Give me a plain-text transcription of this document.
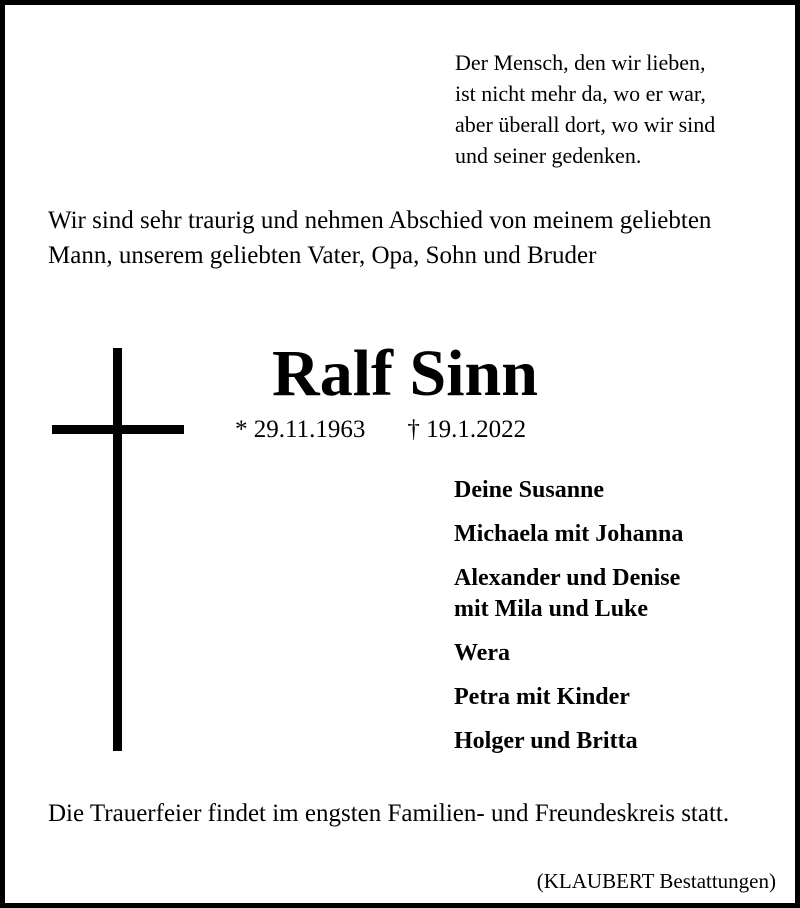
Der Mensch, den wir lieben,
ist nicht mehr da, wo er war,
aber überall dort, wo wir sind
und seiner gedenken.
Wir sind sehr traurig und nehmen Abschied von meinem geliebten Mann, unserem geliebten Vater, Opa, Sohn und Bruder
Ralf Sinn
* 29.11.1963 † 19.1.2022
Deine Susanne
Michaela mit Johanna
Alexander und Denise
mit Mila und Luke
Wera
Petra mit Kinder
Holger und Britta
Die Trauerfeier findet im engsten Familien- und Freundeskreis statt.
(KLAUBERT Bestattungen)
